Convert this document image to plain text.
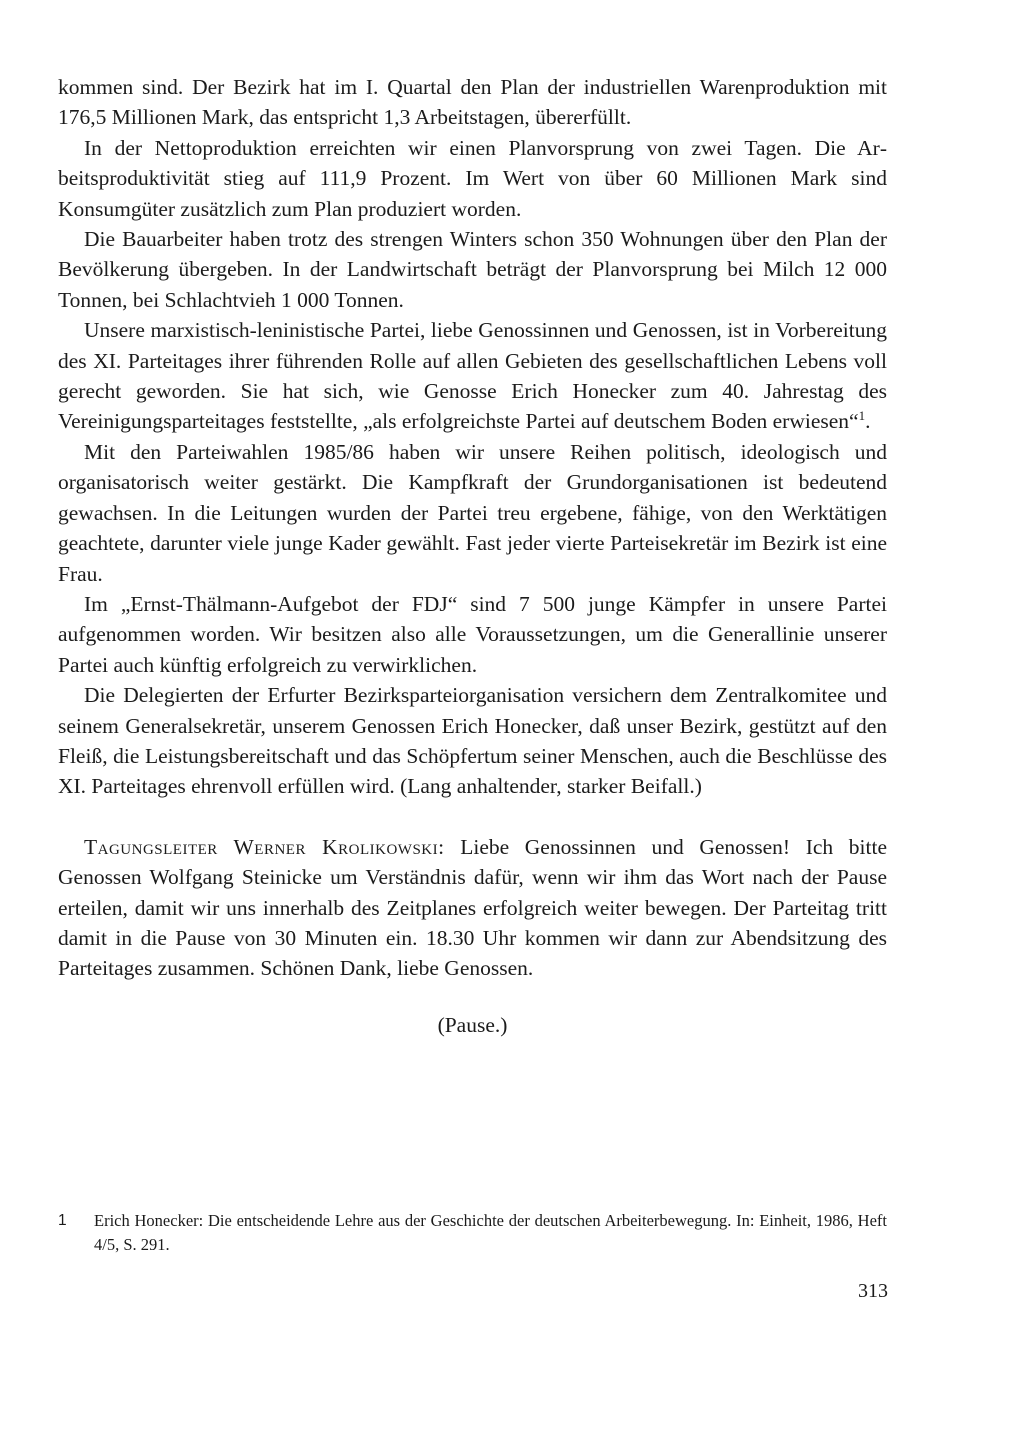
kommen sind. Der Bezirk hat im I. Quartal den Plan der industriellen Warenproduktion mit 176,5 Millionen Mark, das entspricht 1,3 Arbeitstagen, übererfüllt.

In der Nettoproduktion erreichten wir einen Planvorsprung von zwei Tagen. Die Arbeitsproduktivität stieg auf 111,9 Prozent. Im Wert von über 60 Millionen Mark sind Konsumgüter zusätzlich zum Plan produziert worden.

Die Bauarbeiter haben trotz des strengen Winters schon 350 Wohnungen über den Plan der Bevölkerung übergeben. In der Landwirtschaft beträgt der Planvorsprung bei Milch 12 000 Tonnen, bei Schlachtvieh 1 000 Tonnen.

Unsere marxistisch-leninistische Partei, liebe Genossinnen und Genossen, ist in Vorbereitung des XI. Parteitages ihrer führenden Rolle auf allen Gebieten des gesellschaftlichen Lebens voll gerecht geworden. Sie hat sich, wie Genosse Erich Honecker zum 40. Jahrestag des Vereinigungsparteitages feststellte, „als erfolgreichste Partei auf deutschem Boden erwiesen“$^1$.

Mit den Parteiwahlen 1985/86 haben wir unsere Reihen politisch, ideologisch und organisatorisch weiter gestärkt. Die Kampfkraft der Grundorganisationen ist bedeutend gewachsen. In die Leitungen wurden der Partei treu ergebene, fähige, von den Werktätigen geachtete, darunter viele junge Kader gewählt. Fast jeder vierte Parteisekretär im Bezirk ist eine Frau.

Im „Ernst-Thälmann-Aufgebot der FDJ“ sind 7 500 junge Kämpfer in unsere Partei aufgenommen worden. Wir besitzen also alle Voraussetzungen, um die Generallinie unserer Partei auch künftig erfolgreich zu verwirklichen.

Die Delegierten der Erfurter Bezirksparteiorganisation versichern dem Zentralkomitee und seinem Generalsekretär, unserem Genossen Erich Honecker, daß unser Bezirk, gestützt auf den Fleiß, die Leistungsbereitschaft und das Schöpfertum seiner Menschen, auch die Beschlüsse des XI. Parteitages ehrenvoll erfüllen wird. (Lang anhaltender, starker Beifall.)

Tagungsleiter Werner Krolikowski: Liebe Genossinnen und Genossen! Ich bitte Genossen Wolfgang Steinicke um Verständnis dafür, wenn wir ihm das Wort nach der Pause erteilen, damit wir uns innerhalb des Zeitplanes erfolgreich weiter bewegen. Der Parteitag tritt damit in die Pause von 30 Minuten ein. 18.30 Uhr kommen wir dann zur Abendsitzung des Parteitages zusammen. Schönen Dank, liebe Genossen.

(Pause.)
1	Erich Honecker: Die entscheidende Lehre aus der Geschichte der deutschen Arbeiterbewegung. In: Einheit, 1986, Heft 4/5, S. 291.
313
